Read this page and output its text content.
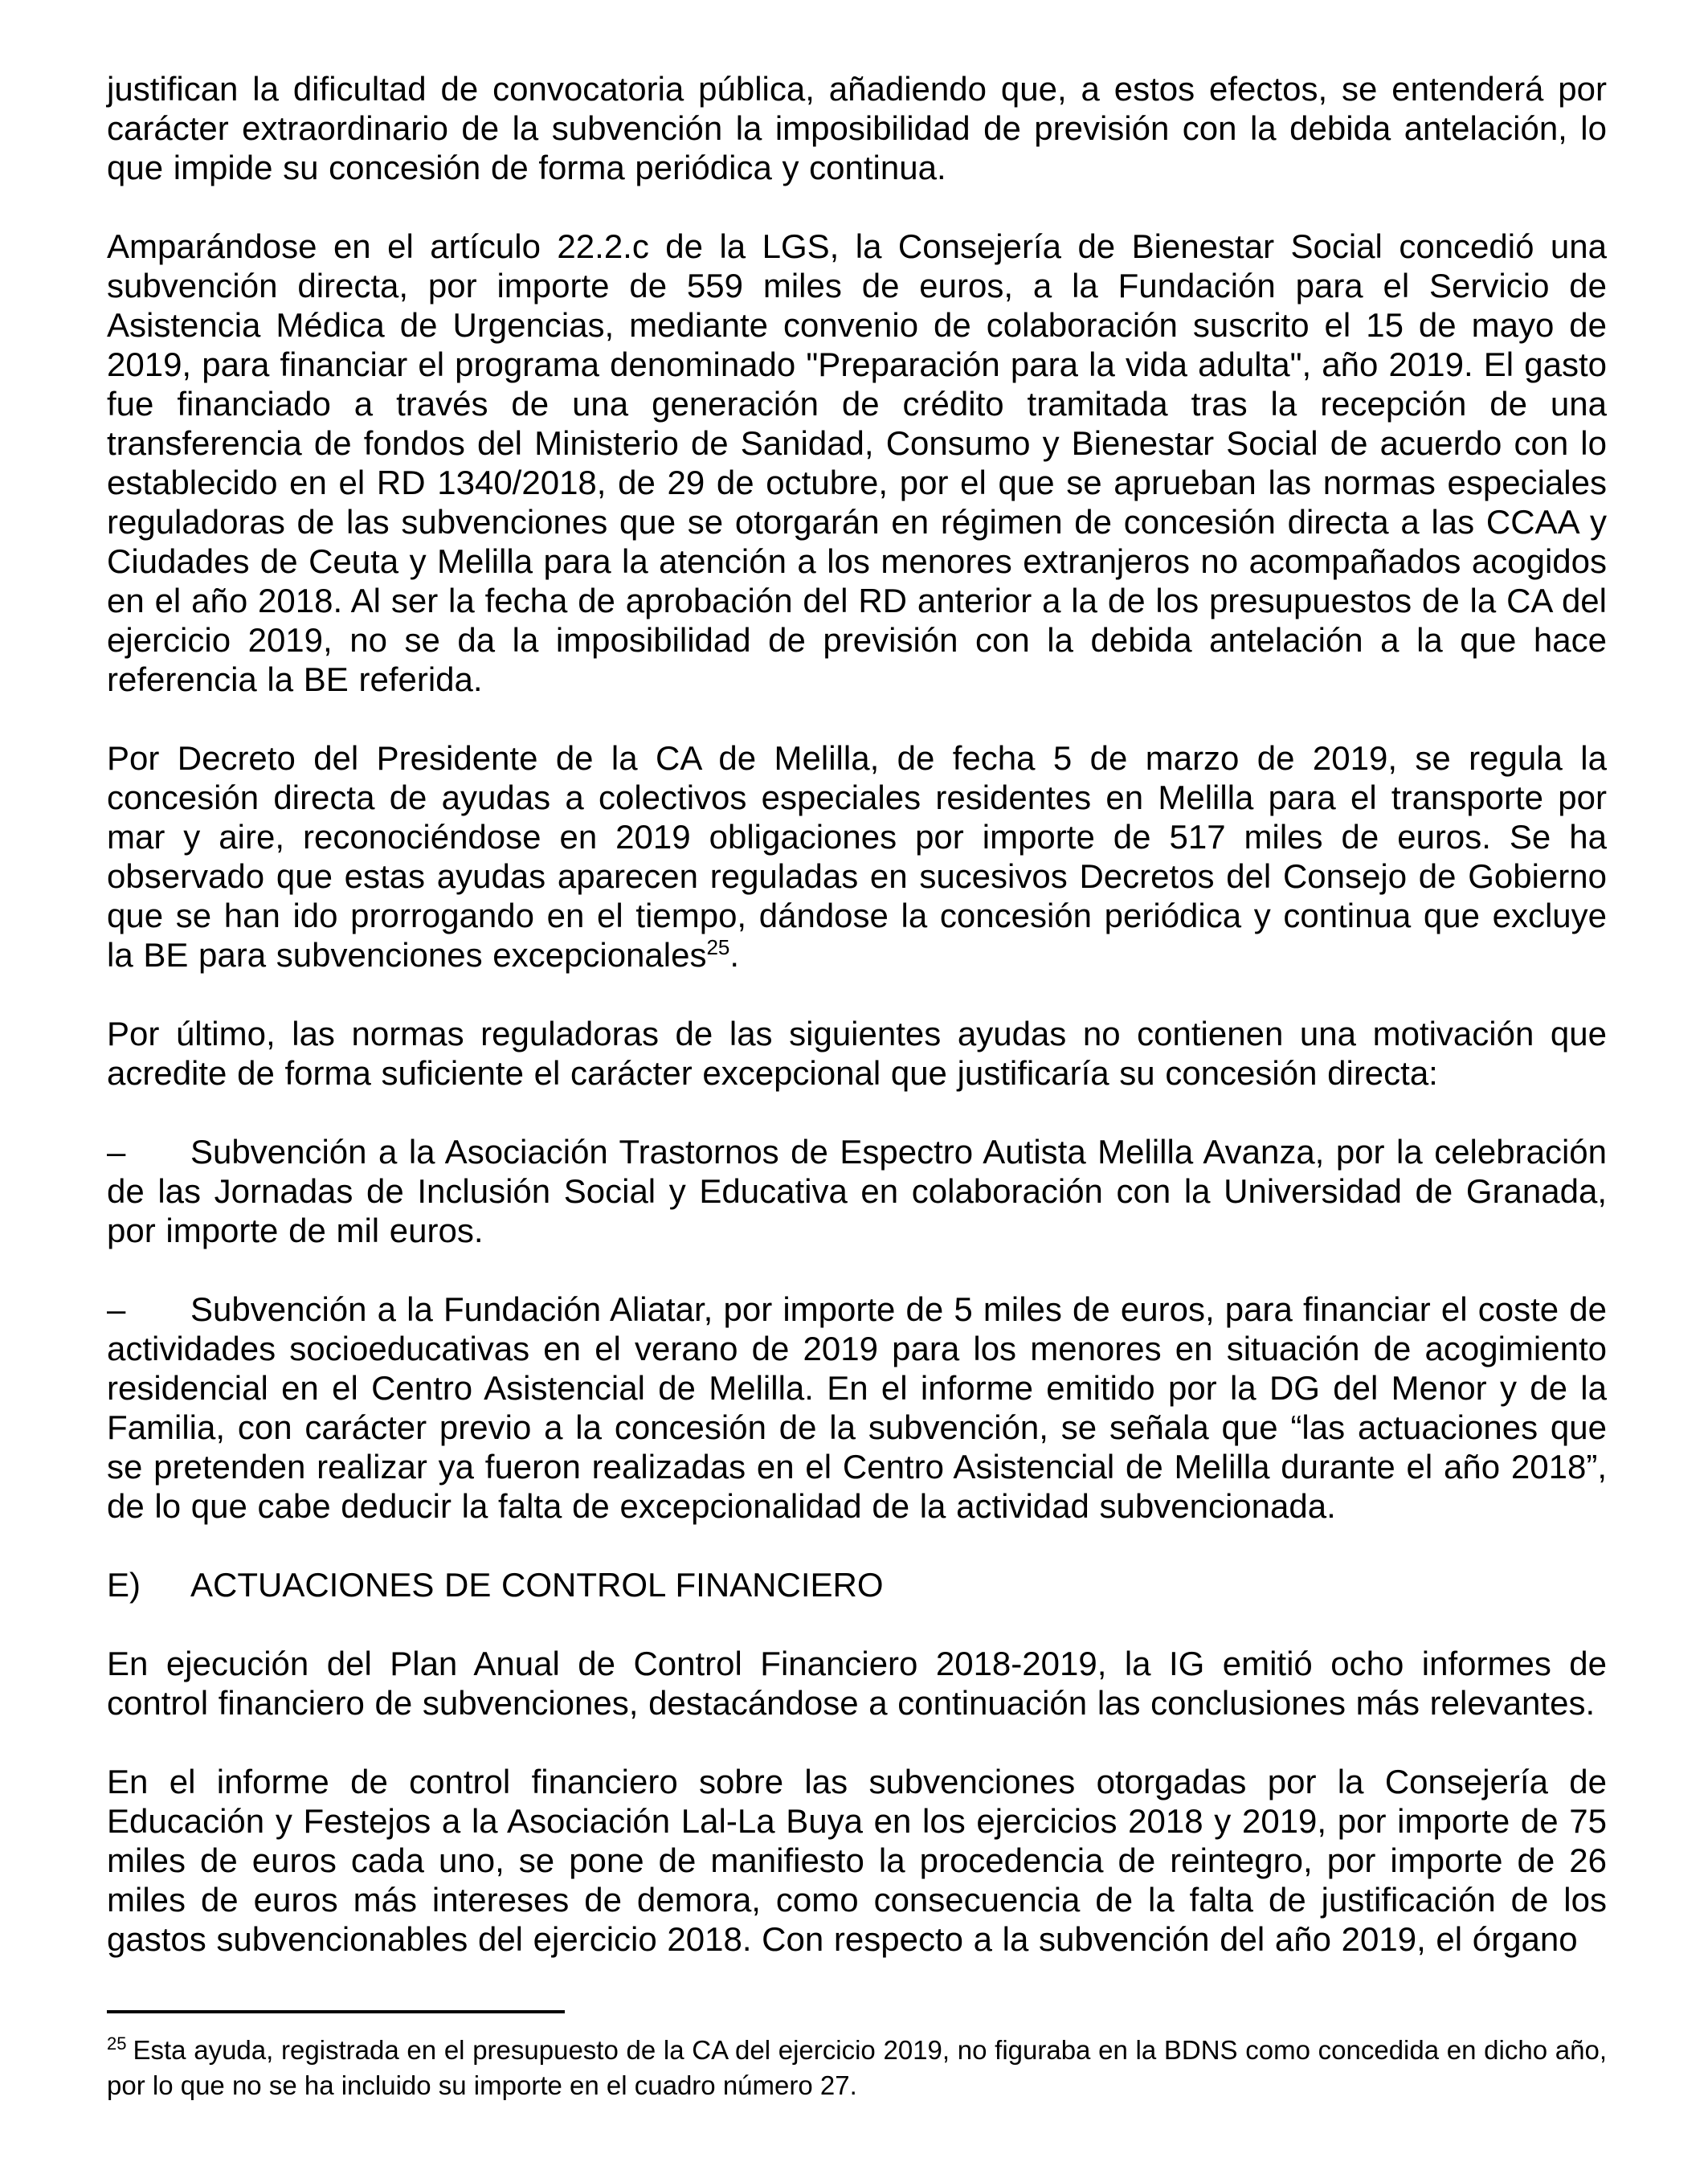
justifican la dificultad de convocatoria pública, añadiendo que, a estos efectos, se entenderá por carácter extraordinario de la subvención la imposibilidad de previsión con la debida antelación, lo que impide su concesión de forma periódica y continua.

Amparándose en el artículo 22.2.c de la LGS, la Consejería de Bienestar Social concedió una subvención directa, por importe de 559 miles de euros, a la Fundación para el Servicio de Asistencia Médica de Urgencias, mediante convenio de colaboración suscrito el 15 de mayo de 2019, para financiar el programa denominado "Preparación para la vida adulta", año 2019. El gasto fue financiado a través de una generación de crédito tramitada tras la recepción de una transferencia de fondos del Ministerio de Sanidad, Consumo y Bienestar Social de acuerdo con lo establecido en el RD 1340/2018, de 29 de octubre, por el que se aprueban las normas especiales reguladoras de las subvenciones que se otorgarán en régimen de concesión directa a las CCAA y Ciudades de Ceuta y Melilla para la atención a los menores extranjeros no acompañados acogidos en el año 2018. Al ser la fecha de aprobación del RD anterior a la de los presupuestos de la CA del ejercicio 2019, no se da la imposibilidad de previsión con la debida antelación a la que hace referencia la BE referida.

Por Decreto del Presidente de la CA de Melilla, de fecha 5 de marzo de 2019, se regula la concesión directa de ayudas a colectivos especiales residentes en Melilla para el transporte por mar y aire, reconociéndose en 2019 obligaciones por importe de 517 miles de euros. Se ha observado que estas ayudas aparecen reguladas en sucesivos Decretos del Consejo de Gobierno que se han ido prorrogando en el tiempo, dándose la concesión periódica y continua que excluye la BE para subvenciones excepcionales$^{25}$.

Por último, las normas reguladoras de las siguientes ayudas no contienen una motivación que acredite de forma suficiente el carácter excepcional que justificaría su concesión directa:

– Subvención a la Asociación Trastornos de Espectro Autista Melilla Avanza, por la celebración de las Jornadas de Inclusión Social y Educativa en colaboración con la Universidad de Granada, por importe de mil euros.

– Subvención a la Fundación Aliatar, por importe de 5 miles de euros, para financiar el coste de actividades socioeducativas en el verano de 2019 para los menores en situación de acogimiento residencial en el Centro Asistencial de Melilla. En el informe emitido por la DG del Menor y de la Familia, con carácter previo a la concesión de la subvención, se señala que “las actuaciones que se pretenden realizar ya fueron realizadas en el Centro Asistencial de Melilla durante el año 2018”, de lo que cabe deducir la falta de excepcionalidad de la actividad subvencionada.

E) ACTUACIONES DE CONTROL FINANCIERO

En ejecución del Plan Anual de Control Financiero 2018-2019, la IG emitió ocho informes de control financiero de subvenciones, destacándose a continuación las conclusiones más relevantes.

En el informe de control financiero sobre las subvenciones otorgadas por la Consejería de Educación y Festejos a la Asociación Lal-La Buya en los ejercicios 2018 y 2019, por importe de 75 miles de euros cada uno, se pone de manifiesto la procedencia de reintegro, por importe de 26 miles de euros más intereses de demora, como consecuencia de la falta de justificación de los gastos subvencionables del ejercicio 2018. Con respecto a la subvención del año 2019, el órgano

$^{25}$ Esta ayuda, registrada en el presupuesto de la CA del ejercicio 2019, no figuraba en la BDNS como concedida en dicho año, por lo que no se ha incluido su importe en el cuadro número 27.
